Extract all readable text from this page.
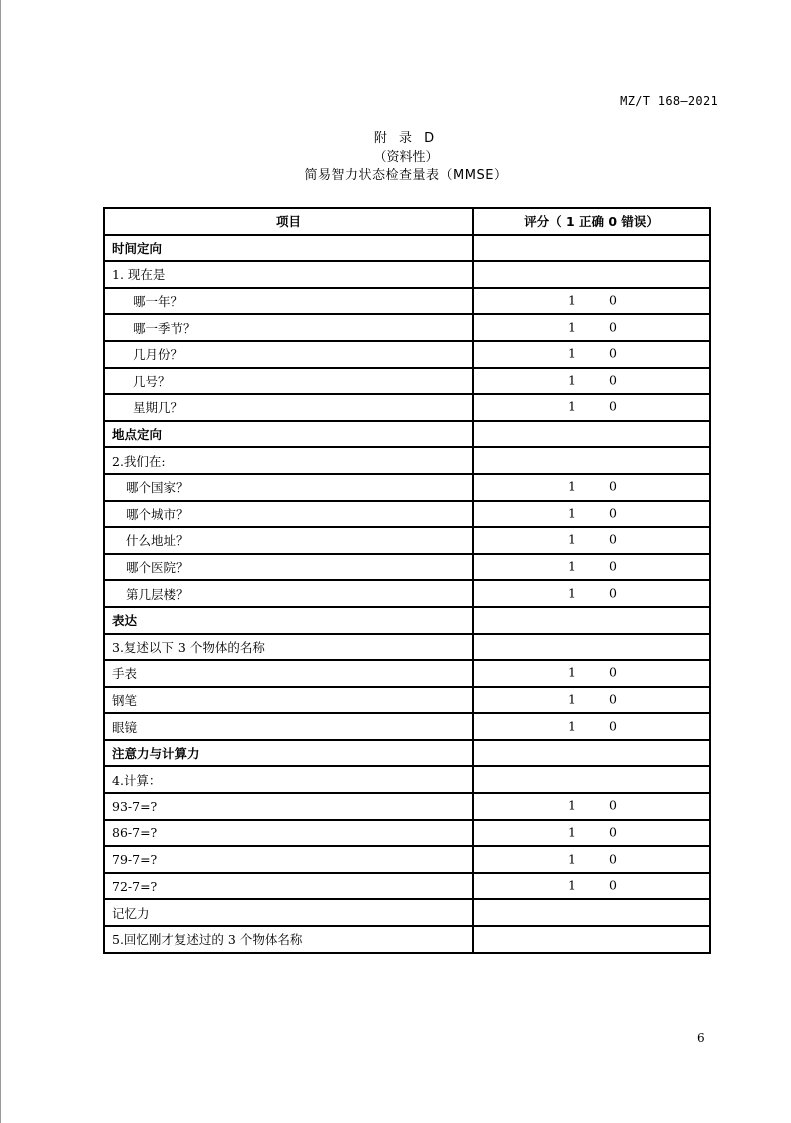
MZ/T 168—2021
附 录 D
（资料性）
简易智力状态检查量表（MMSE）
项目	评分（ 1 正确 0 错误）
时间定向	
1. 现在是	
哪一年？	1 0

哪一季节？	1 0

几月份？	1 0

几号？	1 0

星期几？	1 0

地点定向	
2.我们在:	
哪个国家？	1 0

哪个城市？	1 0

什么地址？	1 0

哪个医院？	1 0

第几层楼？	1 0

表达	
3.复述以下 3 个物体的名称	
手表	1 0

钢笔	1 0

眼镜	1 0

注意力与计算力	
4.计算：	
93-7=?	1 0

86-7=?	1 0

79-7=?	1 0

72-7=?	1 0

记忆力	
5.回忆刚才复述过的 3 个物体名称	
6
